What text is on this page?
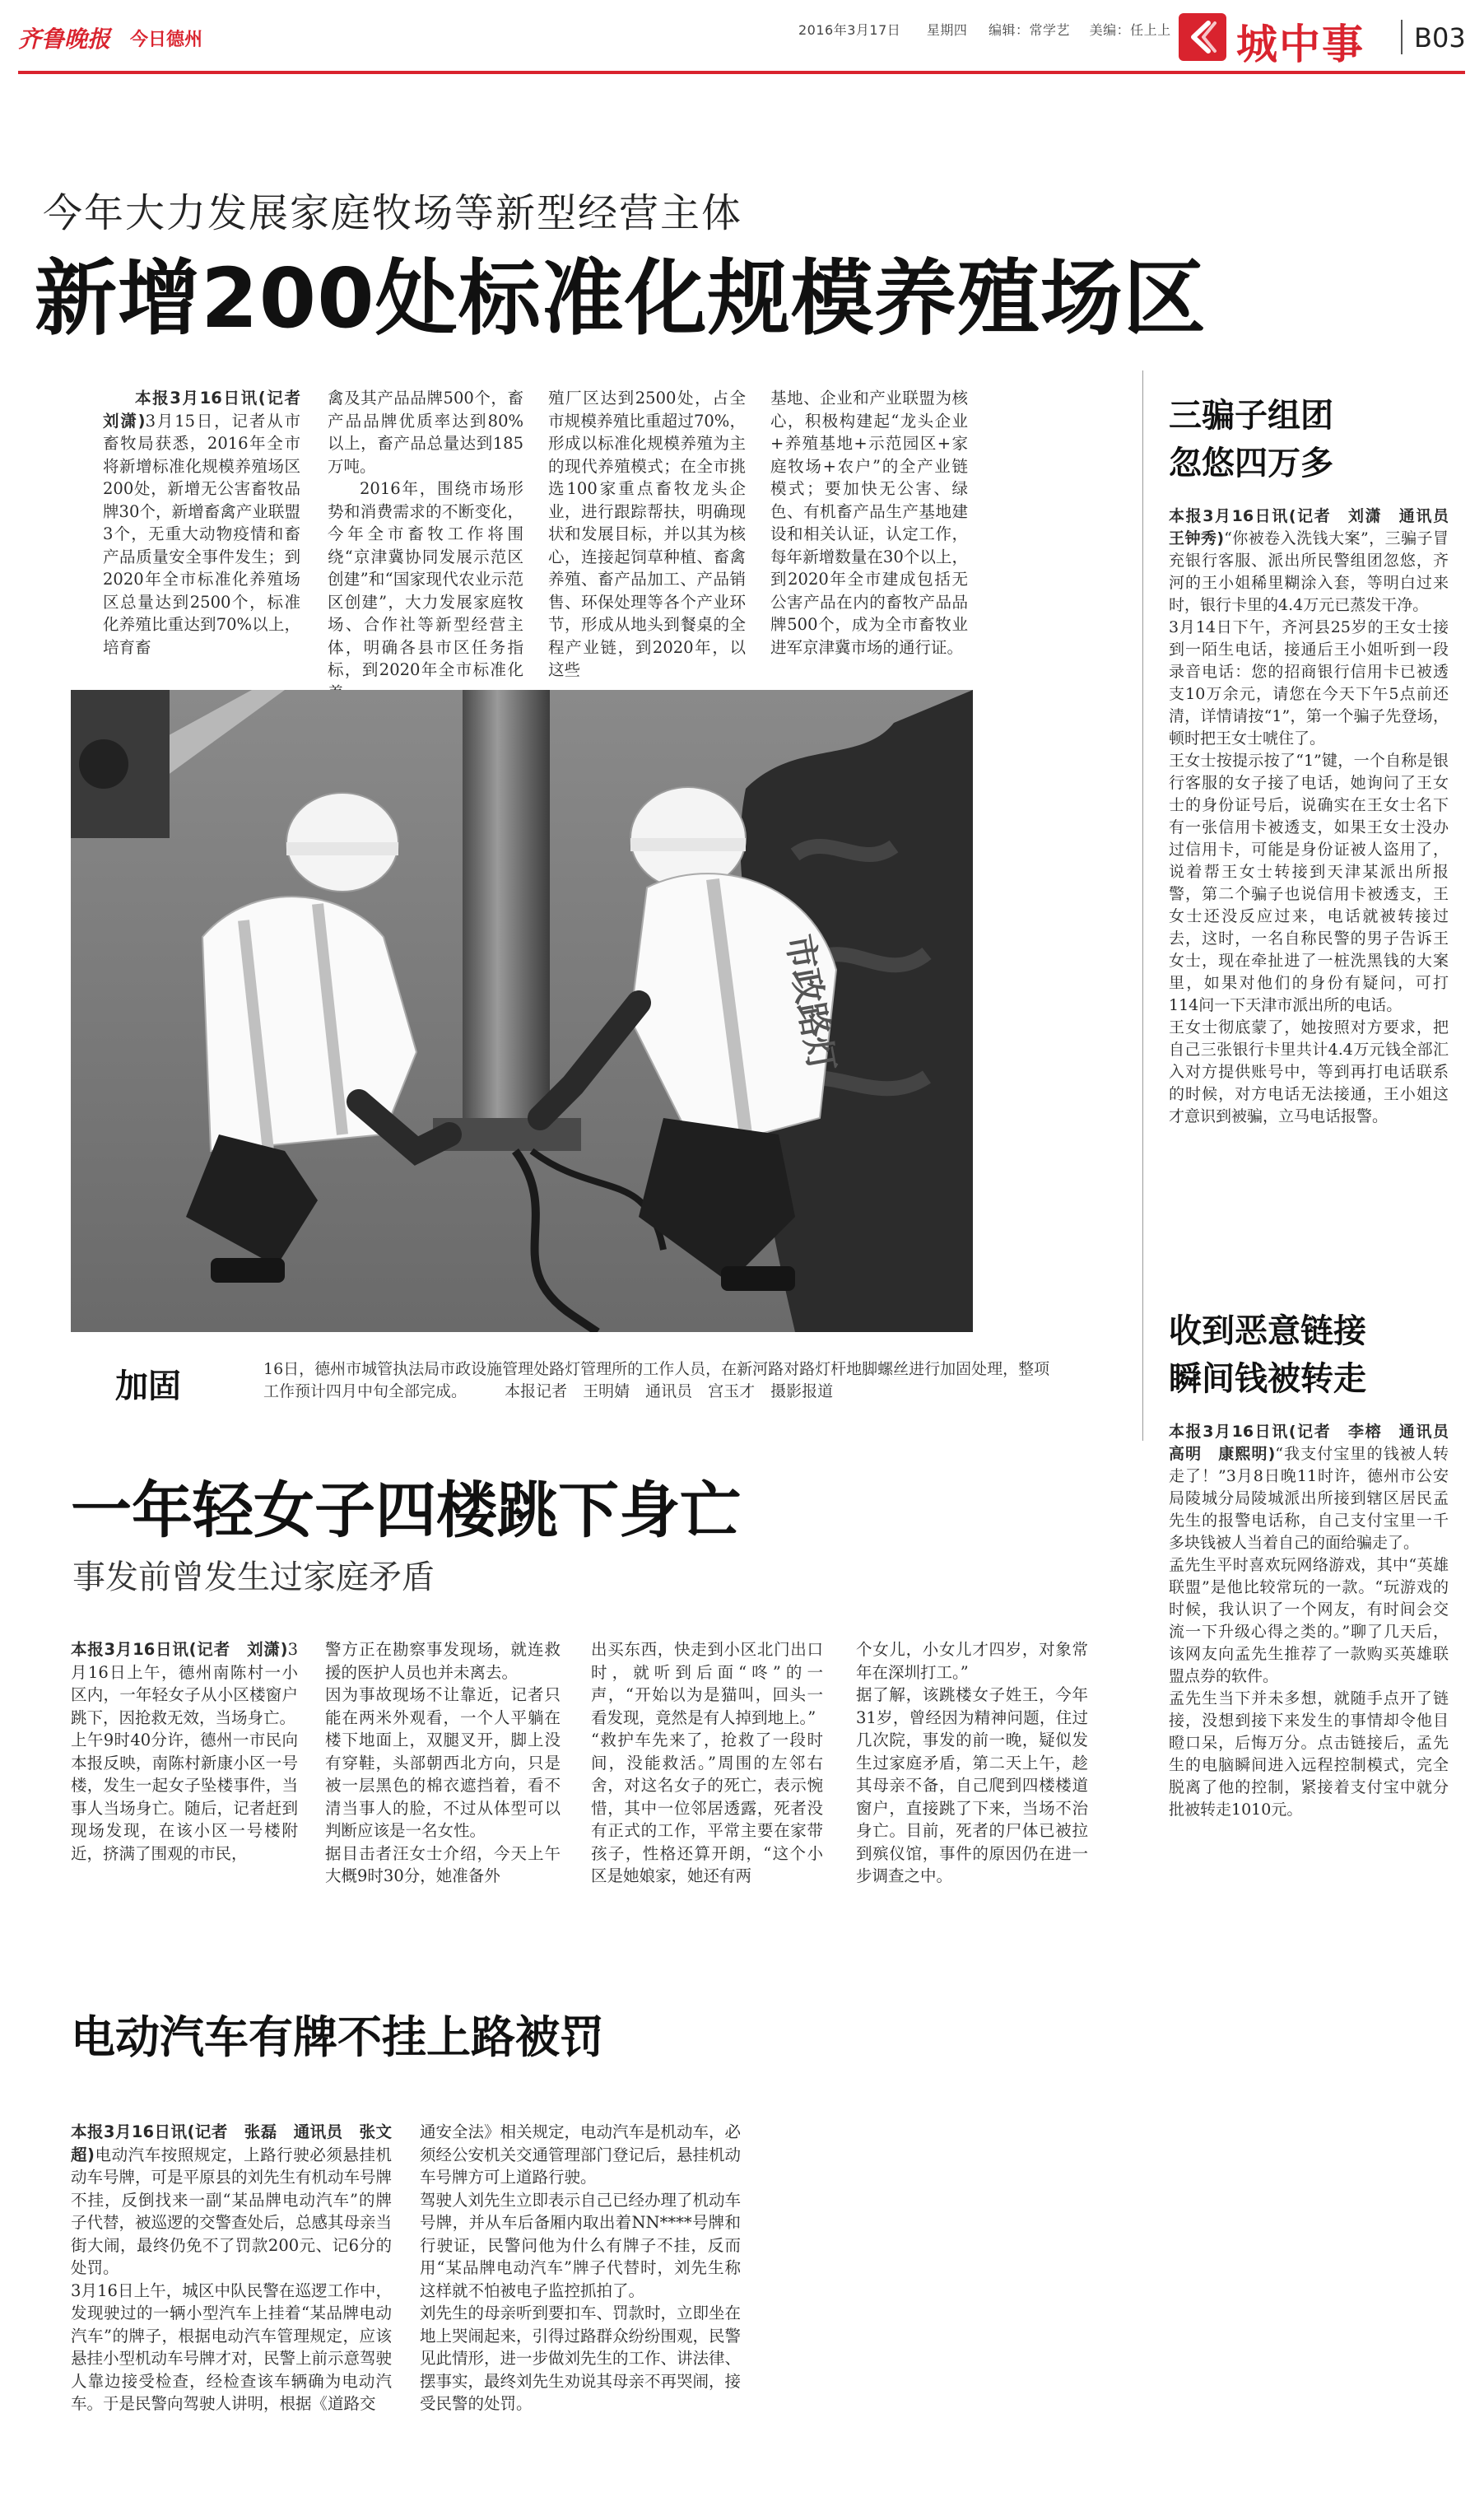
齐鲁晚报 今日德州	2016年3月17日 星期四 编辑：常学艺 美编：任上上 城中事 B03
今年大力发展家庭牧场等新型经营主体
新增200处标准化规模养殖场区

本报3月16日讯(记者　刘潇)3月15日，记者从市畜牧局获悉，2016年全市将新增标准化规模养殖场区200处，新增无公害畜牧品牌30个，新增畜禽产业联盟3个，无重大动物疫情和畜产品质量安全事件发生；到2020年全市标准化养殖场区总量达到2500个，标准化养殖比重达到70%以上，培育畜

禽及其产品品牌500个，畜产品品牌优质率达到80%以上，畜产品总量达到185万吨。

2016年，围绕市场形势和消费需求的不断变化，今年全市畜牧工作将围绕“京津冀协同发展示范区创建”和“国家现代农业示范区创建”，大力发展家庭牧场、合作社等新型经营主体，明确各县市区任务指标，到2020年全市标准化

殖厂区达到2500处，占全市规模养殖比重超过70%，形成以标准化规模养殖为主的现代养殖模式；在全市挑选100家重点畜牧龙头企业，进行跟踪帮扶，明确现状和发展目标，并以其为核心，连接起饲草种植、畜禽养殖、畜产品加工、产品销售、环保处理等各个产业环节，形成从地头到餐桌的全程产业链，到2020年，以这些

基地、企业和产业联盟为核心，积极构建起“龙头企业+养殖基地+示范园区+家庭牧场+农户”的全产业链模式；要加快无公害、绿色、有机畜产品生产基地建设和相关认证，认定工作，每年新增数量在30个以上，到2020年全市建成包括无公害产品在内的畜牧产品品牌500个，成为全市畜牧业进军京津冀市场的通行证。

市政路灯
加固	16日，德州市城管执法局市政设施管理处路灯管理所的工作人员，在新河路对路灯杆地脚螺丝进行加固处理，整项工作预计四月中旬全部完成。 本报记者　王明婧　通讯员　宫玉才　摄影报道
一年轻女子四楼跳下身亡
事发前曾发生过家庭矛盾
本报3月16日讯(记者　刘潇)3月16日上午，德州南陈村一小区内，一年轻女子从小区楼窗户跳下，因抢救无效，当场身亡。
上午9时40分许，德州一市民向本报反映，南陈村新康小区一号楼，发生一起女子坠楼事件，当事人当场身亡。随后，记者赶到现场发现，在该小区一号楼附近，挤满了围观的市民，
警方正在勘察事发现场，就连救援的医护人员也并未离去。
因为事故现场不让靠近，记者只能在两米外观看，一个人平躺在楼下地面上，双腿叉开，脚上没有穿鞋，头部朝西北方向，只是被一层黑色的棉衣遮挡着，看不清当事人的脸，不过从体型可以判断应该是一名女性。
据目击者汪女士介绍，今天上午大概9时30分，她准备外
出买东西，快走到小区北门出口时，就听到后面“咚”的一声，“开始以为是猫叫，回头一看发现，竟然是有人掉到地上。”
“救护车先来了，抢救了一段时间，没能救活。”周围的左邻右舍，对这名女子的死亡，表示惋惜，其中一位邻居透露，死者没有正式的工作，平常主要在家带孩子，性格还算开朗，“这个小区是她娘家，她还有两
个女儿，小女儿才四岁，对象常年在深圳打工。”
据了解，该跳楼女子姓王，今年31岁，曾经因为精神问题，住过几次院，事发的前一晚，疑似发生过家庭矛盾，第二天上午，趁其母亲不备，自己爬到四楼楼道窗户，直接跳了下来，当场不治身亡。目前，死者的尸体已被拉到殡仪馆，事件的原因仍在进一步调查之中。
电动汽车有牌不挂上路被罚
本报3月16日讯(记者　张磊　通讯员　张文超)电动汽车按照规定，上路行驶必须悬挂机动车号牌，可是平原县的刘先生有机动车号牌不挂，反倒找来一副“某品牌电动汽车”的牌子代替，被巡逻的交警查处后，总感其母亲当街大闹，最终仍免不了罚款200元、记6分的处罚。
3月16日上午，城区中队民警在巡逻工作中，发现驶过的一辆小型汽车上挂着“某品牌电动汽车”的牌子，根据电动汽车管理规定，应该悬挂小型机动车号牌才对，民警上前示意驾驶人靠边接受检查，经检查该车辆确为电动汽车。于是民警向驾驶人讲明，根据《道路交
通安全法》相关规定，电动汽车是机动车，必须经公安机关交通管理部门登记后，悬挂机动车号牌方可上道路行驶。
驾驶人刘先生立即表示自己已经办理了机动车号牌，并从车后备厢内取出着NN****号牌和行驶证，民警问他为什么有牌子不挂，反而用“某品牌电动汽车”牌子代替时，刘先生称这样就不怕被电子监控抓拍了。
刘先生的母亲听到要扣车、罚款时，立即坐在地上哭闹起来，引得过路群众纷纷围观，民警见此情形，进一步做刘先生的工作、讲法律、摆事实，最终刘先生劝说其母亲不再哭闹，接受民警的处罚。
三骗子组团
忽悠四万多
本报3月16日讯(记者　刘潇　通讯员　王钟秀)“你被卷入洗钱大案”，三骗子冒充银行客服、派出所民警组团忽悠，齐河的王小姐稀里糊涂入套，等明白过来时，银行卡里的4.4万元已蒸发干净。
3月14日下午，齐河县25岁的王女士接到一陌生电话，接通后王小姐听到一段录音电话：您的招商银行信用卡已被透支10万余元，请您在今天下午5点前还清，详情请按“1”，第一个骗子先登场，顿时把王女士唬住了。
王女士按提示按了“1”键，一个自称是银行客服的女子接了电话，她询问了王女士的身份证号后，说确实在王女士名下有一张信用卡被透支，如果王女士没办过信用卡，可能是身份证被人盗用了，说着帮王女士转接到天津某派出所报警，第二个骗子也说信用卡被透支，王女士还没反应过来，电话就被转接过去，这时，一名自称民警的男子告诉王女士，现在牵扯进了一桩洗黑钱的大案里，如果对他们的身份有疑问，可打114问一下天津市派出所的电话。
王女士彻底蒙了，她按照对方要求，把自己三张银行卡里共计4.4万元钱全部汇入对方提供账号中，等到再打电话联系的时候，对方电话无法接通，王小姐这才意识到被骗，立马电话报警。
收到恶意链接
瞬间钱被转走
本报3月16日讯(记者　李榕　通讯员　高明　康熙明)“我支付宝里的钱被人转走了！”3月8日晚11时许，德州市公安局陵城分局陵城派出所接到辖区居民孟先生的报警电话称，自己支付宝里一千多块钱被人当着自己的面给骗走了。
孟先生平时喜欢玩网络游戏，其中“英雄联盟”是他比较常玩的一款。“玩游戏的时候，我认识了一个网友，有时间会交流一下升级心得之类的。”聊了几天后，该网友向孟先生推荐了一款购买英雄联盟点券的软件。
孟先生当下并未多想，就随手点开了链接，没想到接下来发生的事情却令他目瞪口呆，后悔万分。点击链接后，孟先生的电脑瞬间进入远程控制模式，完全脱离了他的控制，紧接着支付宝中就分批被转走1010元。
